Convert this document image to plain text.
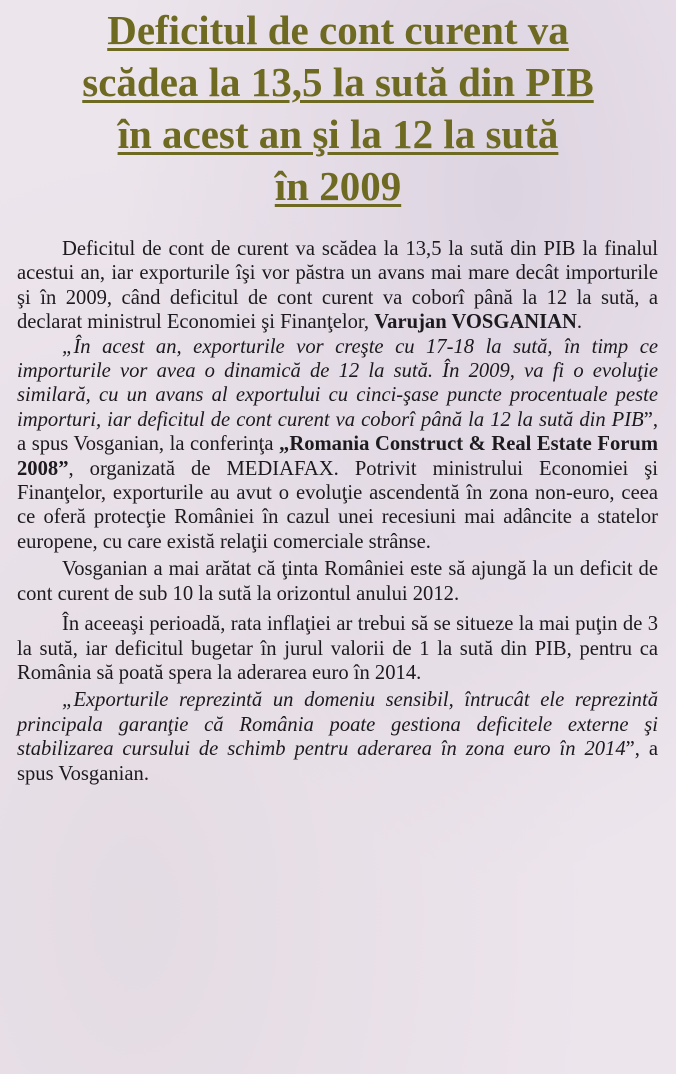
Deficitul de cont curent va
scădea la 13,5 la sută din PIB
în acest an şi la 12 la sută
în 2009

Deficitul de cont de curent va scădea la 13,5 la sută din PIB la finalul acestui an, iar exporturile îşi vor păstra un avans mai mare decât importurile şi în 2009, când deficitul de cont curent va coborî până la 12 la sută, a declarat ministrul Economiei şi Finanţelor, Varujan VOSGANIAN.

„În acest an, exporturile vor creşte cu 17-18 la sută, în timp ce importurile vor avea o dinamică de 12 la sută. În 2009, va fi o evoluţie similară, cu un avans al exportului cu cinci-şase puncte procentuale peste importuri, iar deficitul de cont curent va coborî până la 12 la sută din PIB”, a spus Vosganian, la conferinţa „Romania Construct & Real Estate Forum 2008”, organizată de MEDIAFAX. Potrivit ministrului Economiei şi Finanţelor, exporturile au avut o evoluţie ascendentă în zona non-euro, ceea ce oferă protecţie României în cazul unei recesiuni mai adâncite a statelor europene, cu care există relaţii comerciale strânse.

Vosganian a mai arătat că ţinta României este să ajungă la un deficit de cont curent de sub 10 la sută la orizontul anului 2012.

În aceeaşi perioadă, rata inflaţiei ar trebui să se situeze la mai puţin de 3 la sută, iar deficitul bugetar în jurul valorii de 1 la sută din PIB, pentru ca România să poată spera la aderarea euro în 2014.

„Exporturile reprezintă un domeniu sensibil, întrucât ele reprezintă principala garanţie că România poate gestiona deficitele externe şi stabilizarea cursului de schimb pentru aderarea în zona euro în 2014”, a spus Vosganian.
